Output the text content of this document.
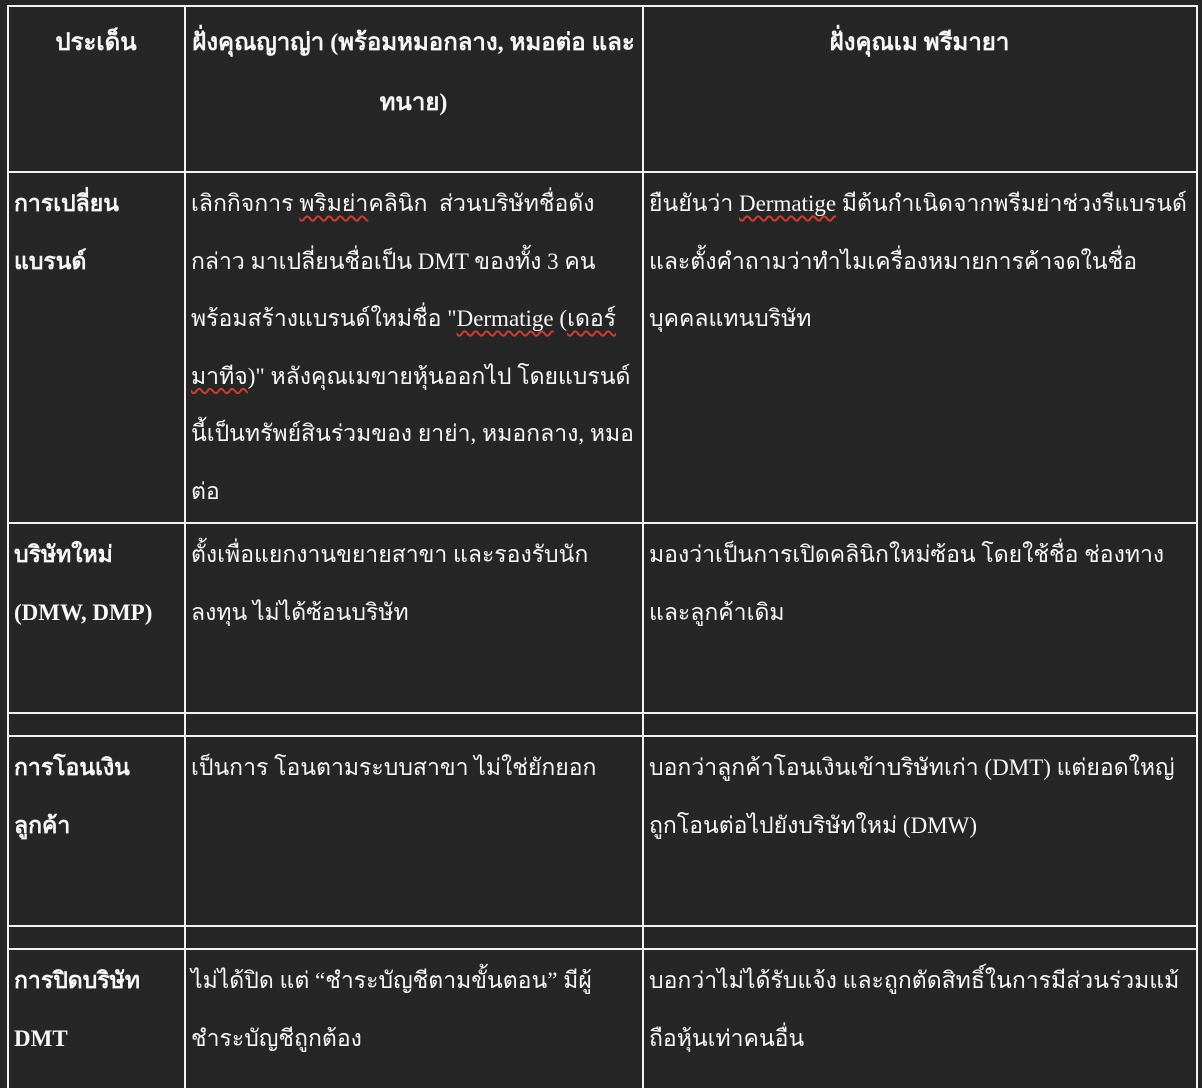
ประเด็น	ฝั่งคุณญาญ่า (พร้อมหมอกลาง, หมอต่อ และทนาย)	ฝั่งคุณเม พรีมายา
การเปลี่ยนแบรนด์	เลิกกิจการ พริมย่าคลินิก  ส่วนบริษัทชื่อดังกล่าว มาเปลี่ยนชื่อเป็น DMT ของทั้ง 3 คน  พร้อมสร้างแบรนด์ใหม่ชื่อ "Dermatige (เดอร์มาทีจ)" หลังคุณเมขายหุ้นออกไป โดยแบรนด์นี้เป็นทรัพย์สินร่วมของ ยาย่า, หมอกลาง, หมอต่อ	ยืนยันว่า Dermatige มีต้นกำเนิดจากพรีมย่าช่วงรีแบรนด์ และตั้งคำถามว่าทำไมเครื่องหมายการค้าจดในชื่อบุคคลแทนบริษัท
บริษัทใหม่ (DMW, DMP)	ตั้งเพื่อแยกงานขยายสาขา และรองรับนักลงทุน ไม่ได้ซ้อนบริษัท	มองว่าเป็นการเปิดคลินิกใหม่ซ้อน โดยใช้ชื่อ ช่องทาง และลูกค้าเดิม

การโอนเงินลูกค้า	เป็นการ โอนตามระบบสาขา ไม่ใช่ยักยอก	บอกว่าลูกค้าโอนเงินเข้าบริษัทเก่า (DMT) แต่ยอดใหญ่ถูกโอนต่อไปยังบริษัทใหม่ (DMW)

การปิดบริษัท DMT	ไม่ได้ปิด แต่ “ชำระบัญชีตามขั้นตอน” มีผู้ชำระบัญชีถูกต้อง	บอกว่าไม่ได้รับแจ้ง และถูกตัดสิทธิ์ในการมีส่วนร่วมแม้ถือหุ้นเท่าคนอื่น
